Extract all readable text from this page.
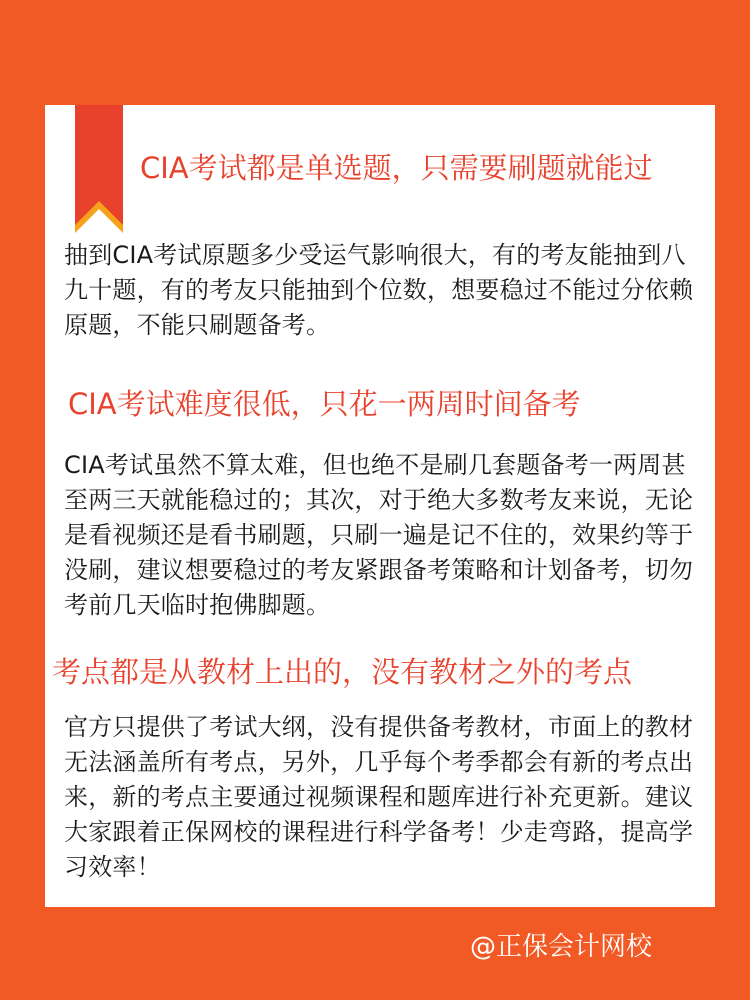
CIA考试都是单选题，只需要刷题就能过

抽到CIA考试原题多少受运气影响很大，有的考友能抽到八九十题，有的考友只能抽到个位数，想要稳过不能过分依赖原题，不能只刷题备考。

CIA考试难度很低，只花一两周时间备考

CIA考试虽然不算太难，但也绝不是刷几套题备考一两周甚至两三天就能稳过的；其次，对于绝大多数考友来说，无论是看视频还是看书刷题，只刷一遍是记不住的，效果约等于没刷，建议想要稳过的考友紧跟备考策略和计划备考，切勿考前几天临时抱佛脚题。

考点都是从教材上出的，没有教材之外的考点

官方只提供了考试大纲，没有提供备考教材，市面上的教材无法涵盖所有考点，另外，几乎每个考季都会有新的考点出来，新的考点主要通过视频课程和题库进行补充更新。建议大家跟着正保网校的课程进行科学备考！少走弯路，提高学习效率！

@正保会计网校
